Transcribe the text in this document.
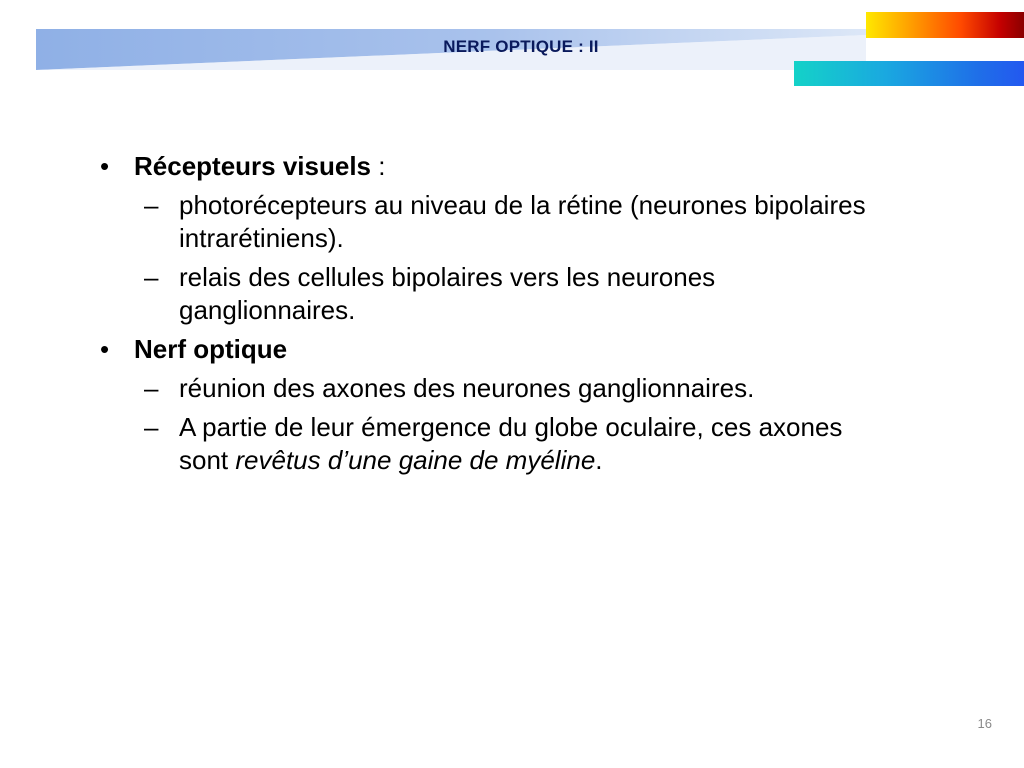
NERF OPTIQUE : II
• Récepteurs visuels :
– photorécepteurs au niveau de la rétine (neurones bipolaires intrarétiniens).
– relais des cellules bipolaires vers les neurones ganglionnaires.
• Nerf optique
– réunion des axones des neurones ganglionnaires.
– A partie de leur émergence du globe oculaire, ces axones sont revêtus d’une gaine de myéline.
16
